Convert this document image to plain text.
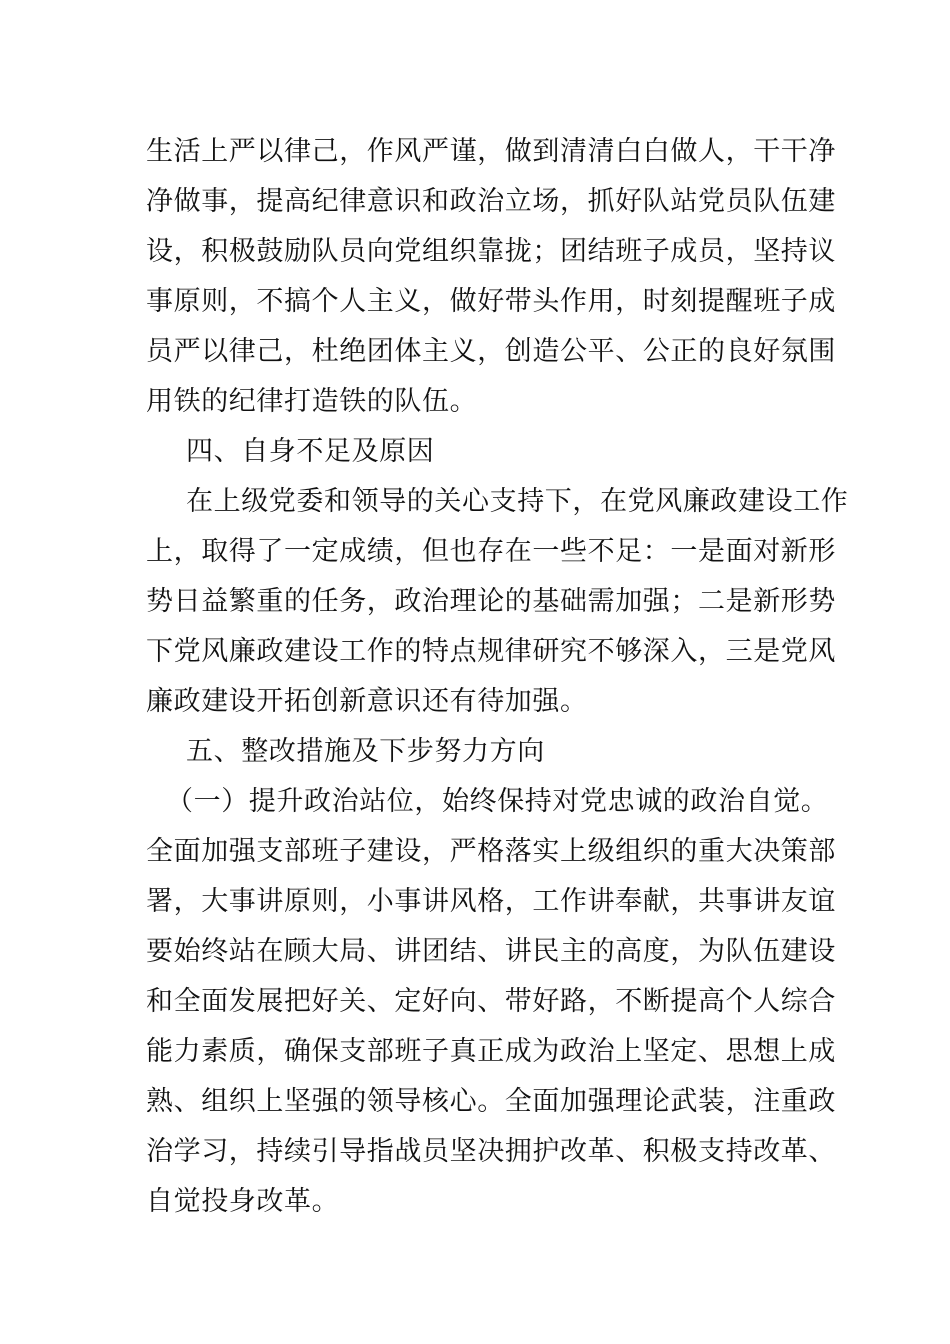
生活上严以律己，作风严谨，做到清清白白做人，干干净
净做事，提高纪律意识和政治立场，抓好队站党员队伍建
设，积极鼓励队员向党组织靠拢；团结班子成员，坚持议
事原则，不搞个人主义，做好带头作用，时刻提醒班子成
员严以律己，杜绝团体主义，创造公平、公正的良好氛围
用铁的纪律打造铁的队伍。
四、自身不足及原因
在上级党委和领导的关心支持下，在党风廉政建设工作
上，取得了一定成绩，但也存在一些不足：一是面对新形
势日益繁重的任务，政治理论的基础需加强；二是新形势
下党风廉政建设工作的特点规律研究不够深入，三是党风
廉政建设开拓创新意识还有待加强。
五、整改措施及下步努力方向
（一）提升政治站位，始终保持对党忠诚的政治自觉。
全面加强支部班子建设，严格落实上级组织的重大决策部
署，大事讲原则，小事讲风格，工作讲奉献，共事讲友谊
要始终站在顾大局、讲团结、讲民主的高度，为队伍建设
和全面发展把好关、定好向、带好路，不断提高个人综合
能力素质，确保支部班子真正成为政治上坚定、思想上成
熟、组织上坚强的领导核心。全面加强理论武装，注重政
治学习，持续引导指战员坚决拥护改革、积极支持改革、
自觉投身改革。
